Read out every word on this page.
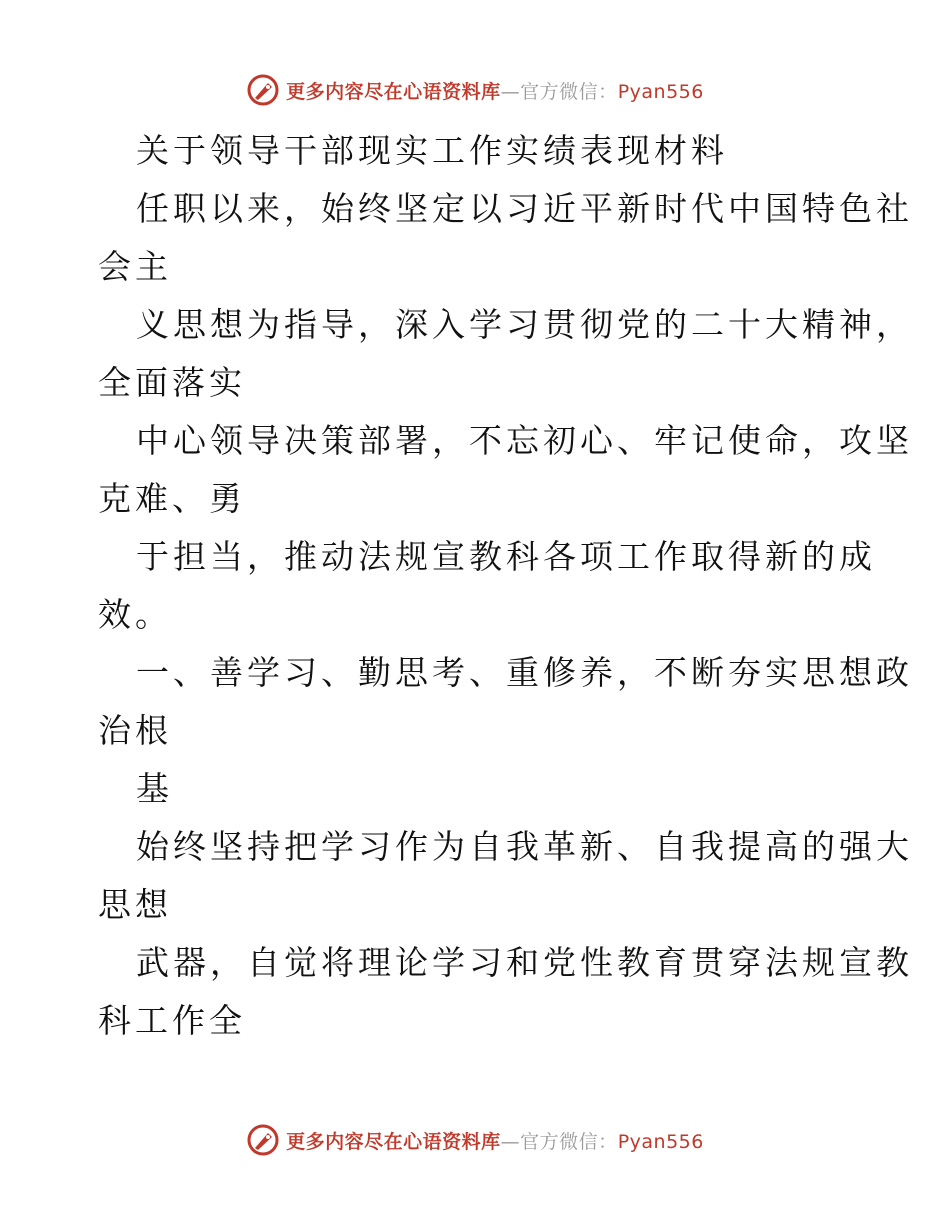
更多内容尽在心语资料库—官方微信：Pyan556

关于领导干部现实工作实绩表现材料

任职以来，始终坚定以习近平新时代中国特色社

会主

义思想为指导，深入学习贯彻党的二十大精神，

全面落实

中心领导决策部署，不忘初心、牢记使命，攻坚

克难、勇

于担当，推动法规宣教科各项工作取得新的成

效。

一、善学习、勤思考、重修养，不断夯实思想政

治根

基

始终坚持把学习作为自我革新、自我提高的强大

思想

武器，自觉将理论学习和党性教育贯穿法规宣教

科工作全

更多内容尽在心语资料库—官方微信：Pyan556
